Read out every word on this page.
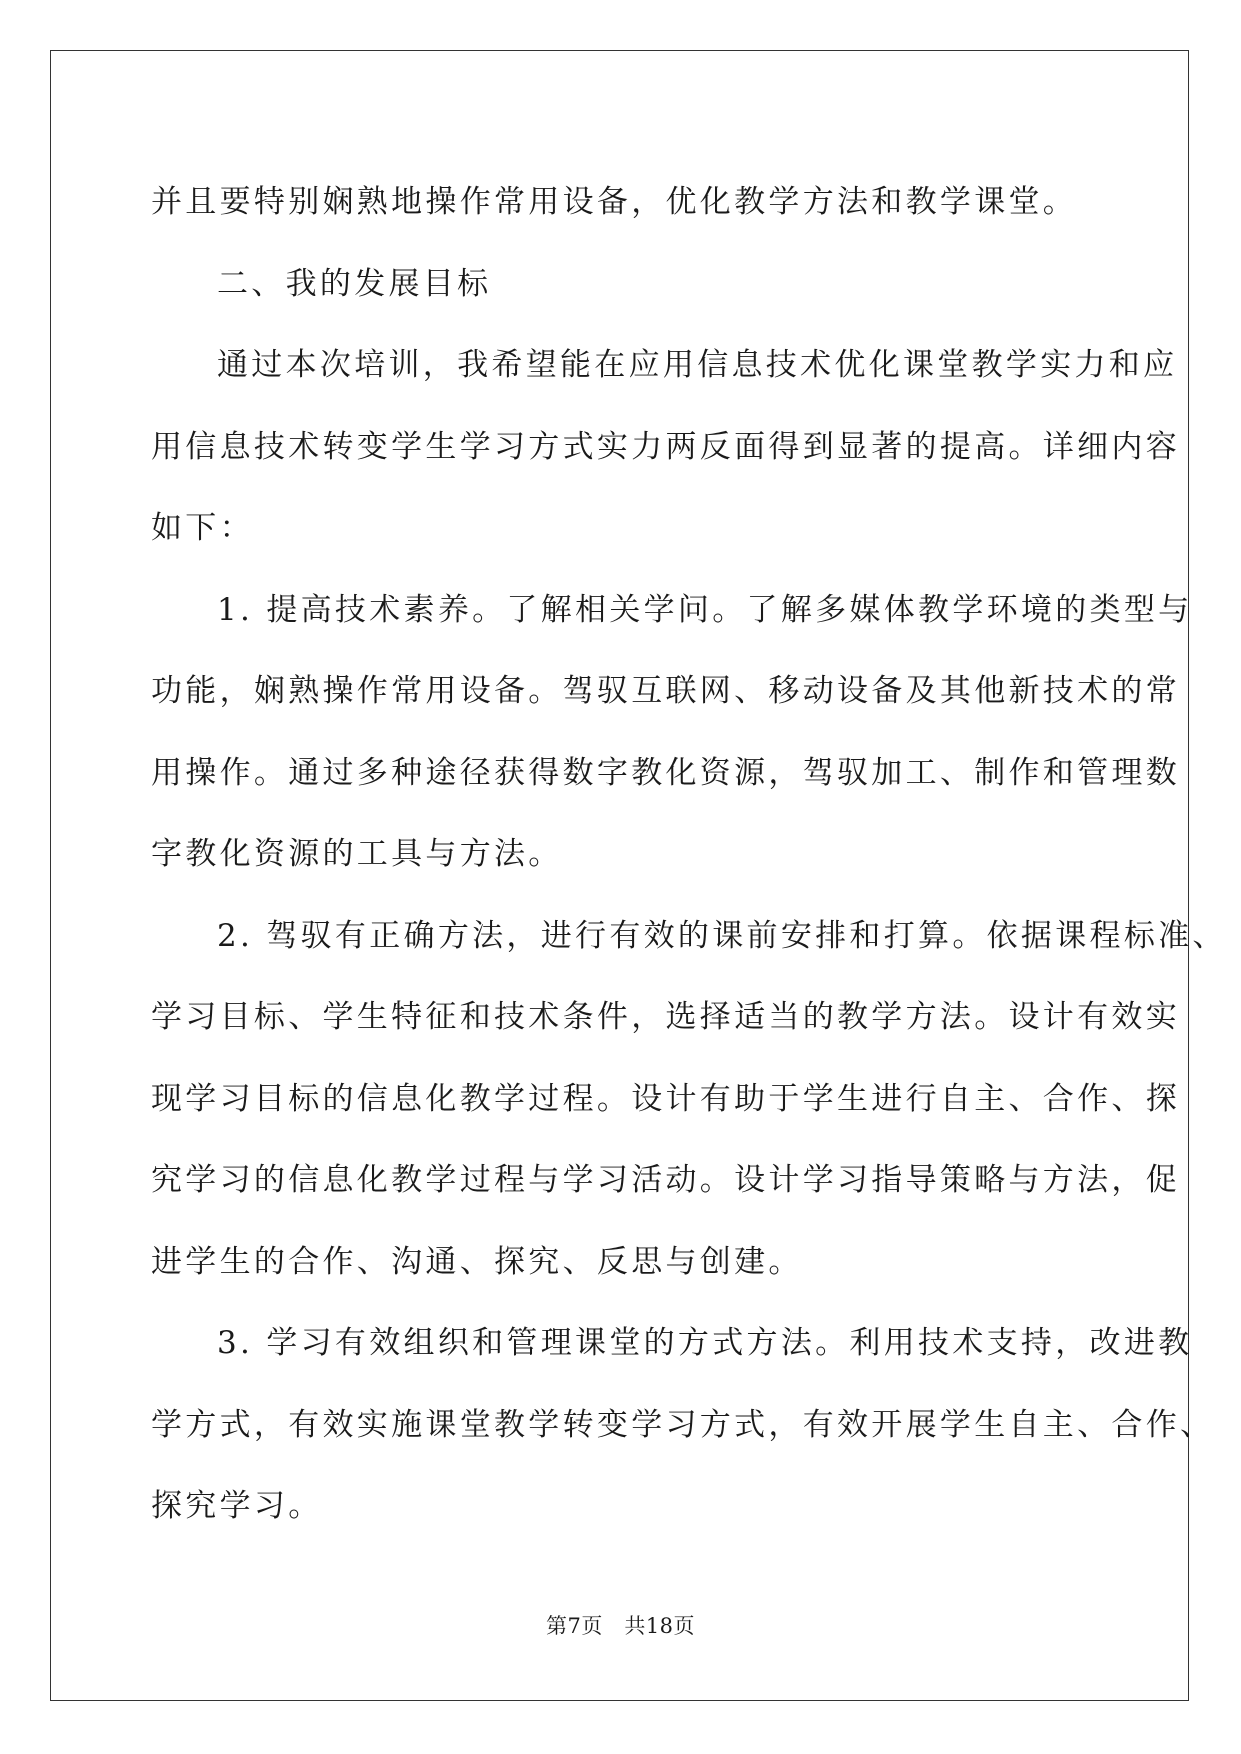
并且要特别娴熟地操作常用设备，优化教学方法和教学课堂。
二、我的发展目标
通过本次培训，我希望能在应用信息技术优化课堂教学实力和应
用信息技术转变学生学习方式实力两反面得到显著的提高。详细内容
如下：
1. 提高技术素养。了解相关学问。了解多媒体教学环境的类型与
功能，娴熟操作常用设备。驾驭互联网、移动设备及其他新技术的常
用操作。通过多种途径获得数字教化资源，驾驭加工、制作和管理数
字教化资源的工具与方法。
2. 驾驭有正确方法，进行有效的课前安排和打算。依据课程标准、
学习目标、学生特征和技术条件，选择适当的教学方法。设计有效实
现学习目标的信息化教学过程。设计有助于学生进行自主、合作、探
究学习的信息化教学过程与学习活动。设计学习指导策略与方法，促
进学生的合作、沟通、探究、反思与创建。
3. 学习有效组织和管理课堂的方式方法。利用技术支持，改进教
学方式，有效实施课堂教学转变学习方式，有效开展学生自主、合作、
探究学习。
第7页　共18页
